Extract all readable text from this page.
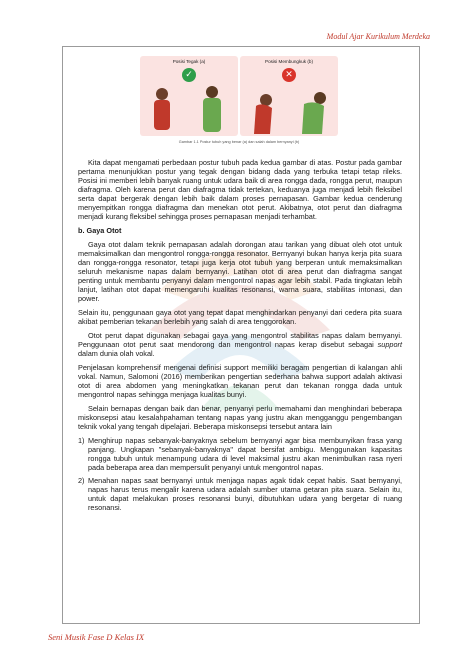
Modul Ajar Kurikulum Merdeka
Posisi Tegak (a)
✓
Posisi Membungkuk (b)
✕
Gambar 1.1 Postur tubuh yang benar (a) dan salah dalam bernyanyi (b)

Kita dapat mengamati perbedaan postur tubuh pada kedua gambar di atas. Postur pada gambar pertama menunjukkan postur yang tegak dengan bidang dada yang terbuka tetapi tetap rileks. Posisi ini memberi lebih banyak ruang untuk udara baik di area rongga dada, rongga perut, maupun diafragma. Oleh karena perut dan diafragma tidak tertekan, keduanya juga menjadi lebih fleksibel serta dapat bergerak dengan lebih baik dalam proses pernapasan. Gambar kedua cenderung menyempitkan rongga diafragma dan menekan otot perut. Akibatnya, otot perut dan diafragma menjadi kurang fleksibel sehingga proses pernapasan menjadi terhambat.

b. Gaya Otot

Gaya otot dalam teknik pernapasan adalah dorongan atau tarikan yang dibuat oleh otot untuk memaksimalkan dan mengontrol rongga-rongga resonator. Bernyanyi bukan hanya kerja pita suara dan rongga-rongga resonator, tetapi juga kerja otot tubuh yang berperan untuk memaksimalkan seluruh mekanisme napas dalam bernyanyi. Latihan otot di area perut dan diafragma sangat penting untuk membantu penyanyi dalam mengontrol napas agar lebih stabil. Pada tingkatan lebih lanjut, latihan otot dapat memengaruhi kualitas resonansi, warna suara, stabilitas intonasi, dan power.

Selain itu, penggunaan gaya otot yang tepat dapat menghindarkan penyanyi dari cedera pita suara akibat pemberian tekanan berlebih yang salah di area tenggorokan.

Otot perut dapat digunakan sebagai gaya yang mengontrol stabilitas napas dalam bernyanyi. Penggunaan otot perut saat mendorong dan mengontrol napas kerap disebut sebagai support dalam dunia olah vokal.

Penjelasan komprehensif mengenai definisi support memiliki beragam pengertian di kalangan ahli vokal. Namun, Salomoni (2016) memberikan pengertian sederhana bahwa support adalah aktivasi otot di area abdomen yang meningkatkan tekanan perut dan tekanan rongga dada untuk mengontrol napas sehingga menjaga kualitas bunyi.

Selain bernapas dengan baik dan benar, penyanyi perlu memahami dan menghindari beberapa miskonsepsi atau kesalahpahaman tentang napas yang justru akan mengganggu pengembangan teknik vokal yang tengah dipelajari. Beberapa miskonsepsi tersebut antara lain

1) Menghirup napas sebanyak-banyaknya sebelum bernyanyi agar bisa membunyikan frasa yang panjang. Ungkapan "sebanyak-banyaknya" dapat bersifat ambigu. Menggunakan kapasitas rongga tubuh untuk menampung udara di level maksimal justru akan menimbulkan rasa nyeri pada beberapa area dan mempersulit penyanyi untuk mengontrol napas.
2) Menahan napas saat bernyanyi untuk menjaga napas agak tidak cepat habis. Saat bernyanyi, napas harus terus mengalir karena udara adalah sumber utama getaran pita suara. Selain itu, untuk dapat melakukan proses resonansi bunyi, dibutuhkan udara yang bergetar di ruang resonansi.
Seni Musik Fase D Kelas IX
